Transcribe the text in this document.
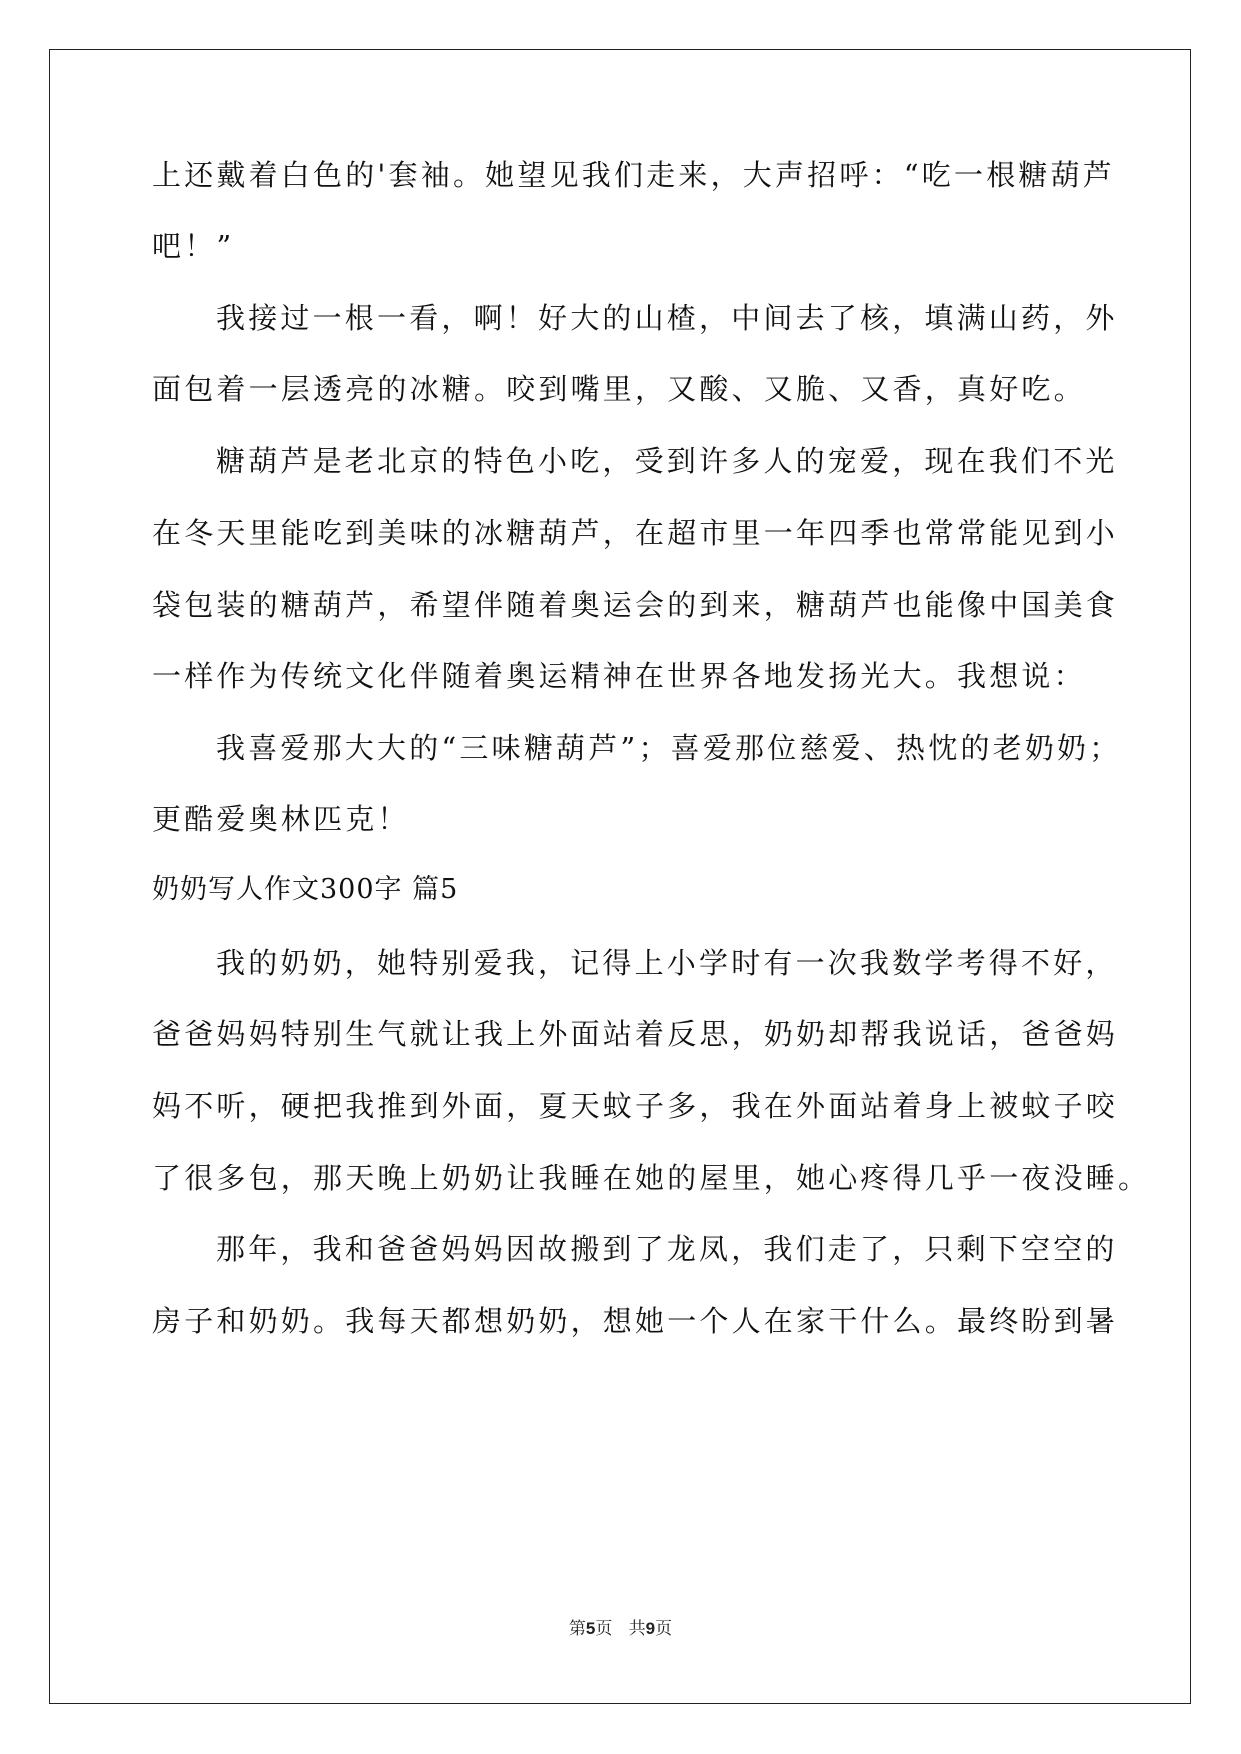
上还戴着白色的'套袖。她望见我们走来，大声招呼：“吃一根糖葫芦
吧！”
我接过一根一看，啊！好大的山楂，中间去了核，填满山药，外
面包着一层透亮的冰糖。咬到嘴里，又酸、又脆、又香，真好吃。
糖葫芦是老北京的特色小吃，受到许多人的宠爱，现在我们不光
在冬天里能吃到美味的冰糖葫芦，在超市里一年四季也常常能见到小
袋包装的糖葫芦，希望伴随着奥运会的到来，糖葫芦也能像中国美食
一样作为传统文化伴随着奥运精神在世界各地发扬光大。我想说：
我喜爱那大大的“三味糖葫芦”；喜爱那位慈爱、热忱的老奶奶；
更酷爱奥林匹克！
奶奶写人作文300字 篇5
我的奶奶，她特别爱我，记得上小学时有一次我数学考得不好，
爸爸妈妈特别生气就让我上外面站着反思，奶奶却帮我说话，爸爸妈
妈不听，硬把我推到外面，夏天蚊子多，我在外面站着身上被蚊子咬
了很多包，那天晚上奶奶让我睡在她的屋里，她心疼得几乎一夜没睡。
那年，我和爸爸妈妈因故搬到了龙凤，我们走了，只剩下空空的
房子和奶奶。我每天都想奶奶，想她一个人在家干什么。最终盼到暑
第5页 共9页
